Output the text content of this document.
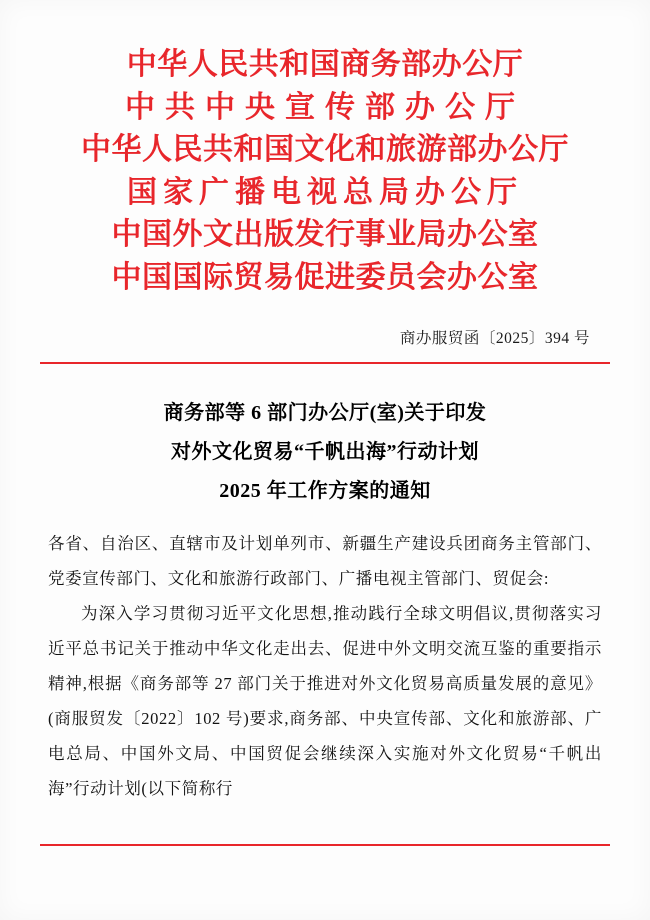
中华人民共和国商务部办公厅
中共中央宣传部办公厅
中华人民共和国文化和旅游部办公厅
国家广播电视总局办公厅
中国外文出版发行事业局办公室
中国国际贸易促进委员会办公室
商办服贸函〔2025〕394 号
商务部等 6 部门办公厅(室)关于印发
对外文化贸易“千帆出海”行动计划
2025 年工作方案的通知

各省、自治区、直辖市及计划单列市、新疆生产建设兵团商务主管部门、党委宣传部门、文化和旅游行政部门、广播电视主管部门、贸促会:

为深入学习贯彻习近平文化思想,推动践行全球文明倡议,贯彻落实习近平总书记关于推动中华文化走出去、促进中外文明交流互鉴的重要指示精神,根据《商务部等 27 部门关于推进对外文化贸易高质量发展的意见》(商服贸发〔2022〕102 号)要求,商务部、中央宣传部、文化和旅游部、广电总局、中国外文局、中国贸促会继续深入实施对外文化贸易“千帆出海”行动计划(以下简称行
